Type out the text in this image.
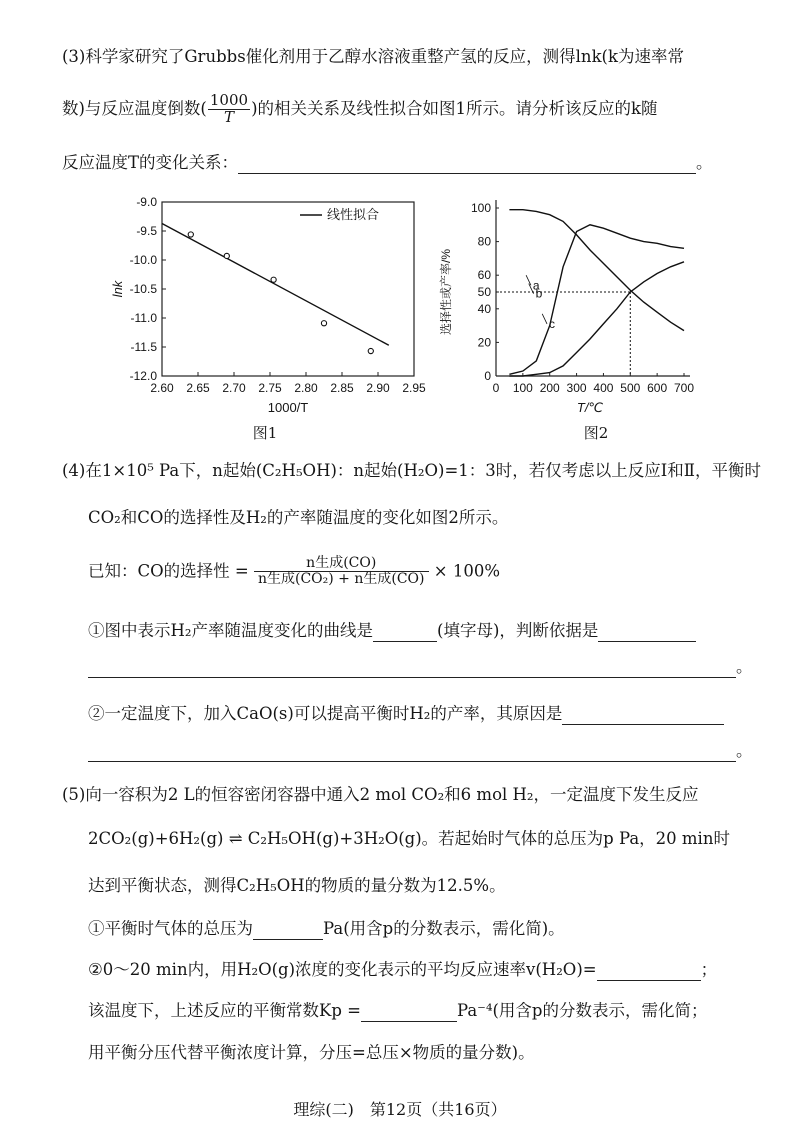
(3)科学家研究了Grubbs催化剂用于乙醇水溶液重整产氢的反应，测得lnk(k为速率常
数)与反应温度倒数( $\frac{1000}{T}$ )的相关关系及线性拟合如图1所示。请分析该反应的k随
反应温度T的变化关系：	。
2.60 2.65 2.70 2.75 2.80 2.85 2.90 2.95
-9.0
-9.5
-10.0
-10.5
-11.0
-11.5
-12.0
线性拟合
lnk
1000/T
图1
0 100 200 300 400 500 600 700
0
20
40
50
60
80
100
a
b
c
选择性或产率/%
T/℃
图2
(4)在1×10⁵ Pa下，n起始(C₂H₅OH)：n起始(H₂O)=1：3时，若仅考虑以上反应Ⅰ和Ⅱ，平衡时
CO₂和CO的选择性及H₂的产率随温度的变化如图2所示。
已知：CO的选择性 = $\frac{\text{n生成(CO)}}{\text{n生成(CO₂) + n生成(CO)}} \times 100\%$
①图中表示H₂产率随温度变化的曲线是	(填字母)，判断依据是
。
②一定温度下，加入CaO(s)可以提高平衡时H₂的产率，其原因是
。
(5)向一容积为2 L的恒容密闭容器中通入2 mol CO₂和6 mol H₂，一定温度下发生反应
2CO₂(g)+6H₂(g) ⇌ C₂H₅OH(g)+3H₂O(g)。若起始时气体的总压为p Pa，20 min时
达到平衡状态，测得C₂H₅OH的物质的量分数为12.5%。
①平衡时气体的总压为	Pa(用含p的分数表示，需化简)。
②0～20 min内，用H₂O(g)浓度的变化表示的平均反应速率v(H₂O)=	；
该温度下，上述反应的平衡常数Kp =	Pa⁻⁴(用含p的分数表示，需化简；
用平衡分压代替平衡浓度计算，分压=总压×物质的量分数)。
理综(二)　第12页（共16页）
